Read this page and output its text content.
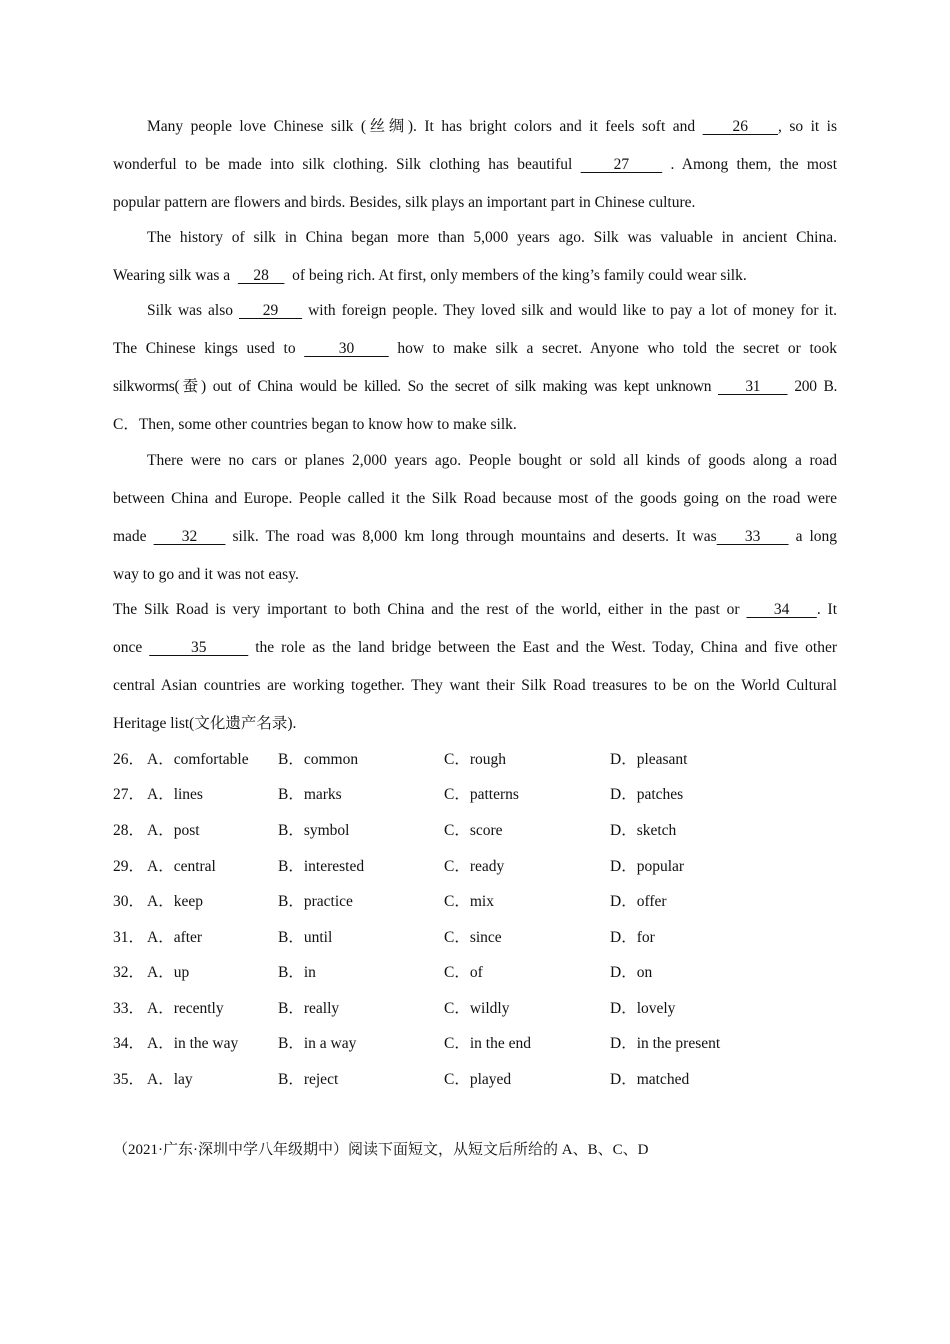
Many people love Chinese silk (丝绸). It has bright colors and it feels soft and     26    , so it is
wonderful to be made into silk clothing. Silk clothing has beautiful     27     . Among them, the most
popular pattern are flowers and birds. Besides, silk plays an important part in Chinese culture.
The history of silk in China began more than 5,000 years ago. Silk was valuable in ancient China.
Wearing silk was a      28      of being rich. At first, only members of the king’s family could wear silk.
Silk was also     29     with foreign people. They loved silk and would like to pay a lot of money for it.
The Chinese kings used to     30     how to make silk a secret. Anyone who told the secret or took
silkworms(蚕) out of China would be killed. So the secret of silk making was kept unknown     31     200 B.
C．Then, some other countries began to know how to make silk.
There were no cars or planes 2,000 years ago. People bought or sold all kinds of goods along a road
between China and Europe. People called it the Silk Road because most of the goods going on the road were
made     32     silk. The road was 8,000 km long through mountains and deserts. It was    33     a long
way to go and it was not easy.
The Silk Road is very important to both China and the rest of the world, either in the past or     34    . It
once       35       the role as the land bridge between the East and the West. Today, China and five other
central Asian countries are working together. They want their Silk Road treasures to be on the World Cultural
Heritage list(文化遗产名录).
26． A．comfortable B．common	C．rough	D．pleasant
27． A．lines	B．marks	C．patterns	D．patches
28． A．post	B．symbol	C．score	D．sketch
29． A．central	B．interested	C．ready	D．popular
30． A．keep	B．practice	C．mix	D．offer
31． A．after	B．until	C．since	D．for
32． A．up	B．in	C．of	D．on
33． A．recently	B．really	C．wildly	D．lovely
34． A．in the way	B．in a way	C．in the end	D．in the present
35． A．lay	B．reject	C．played	D．matched
（2021·广东·深圳中学八年级期中）阅读下面短文，从短文后所给的 A、B、C、D
